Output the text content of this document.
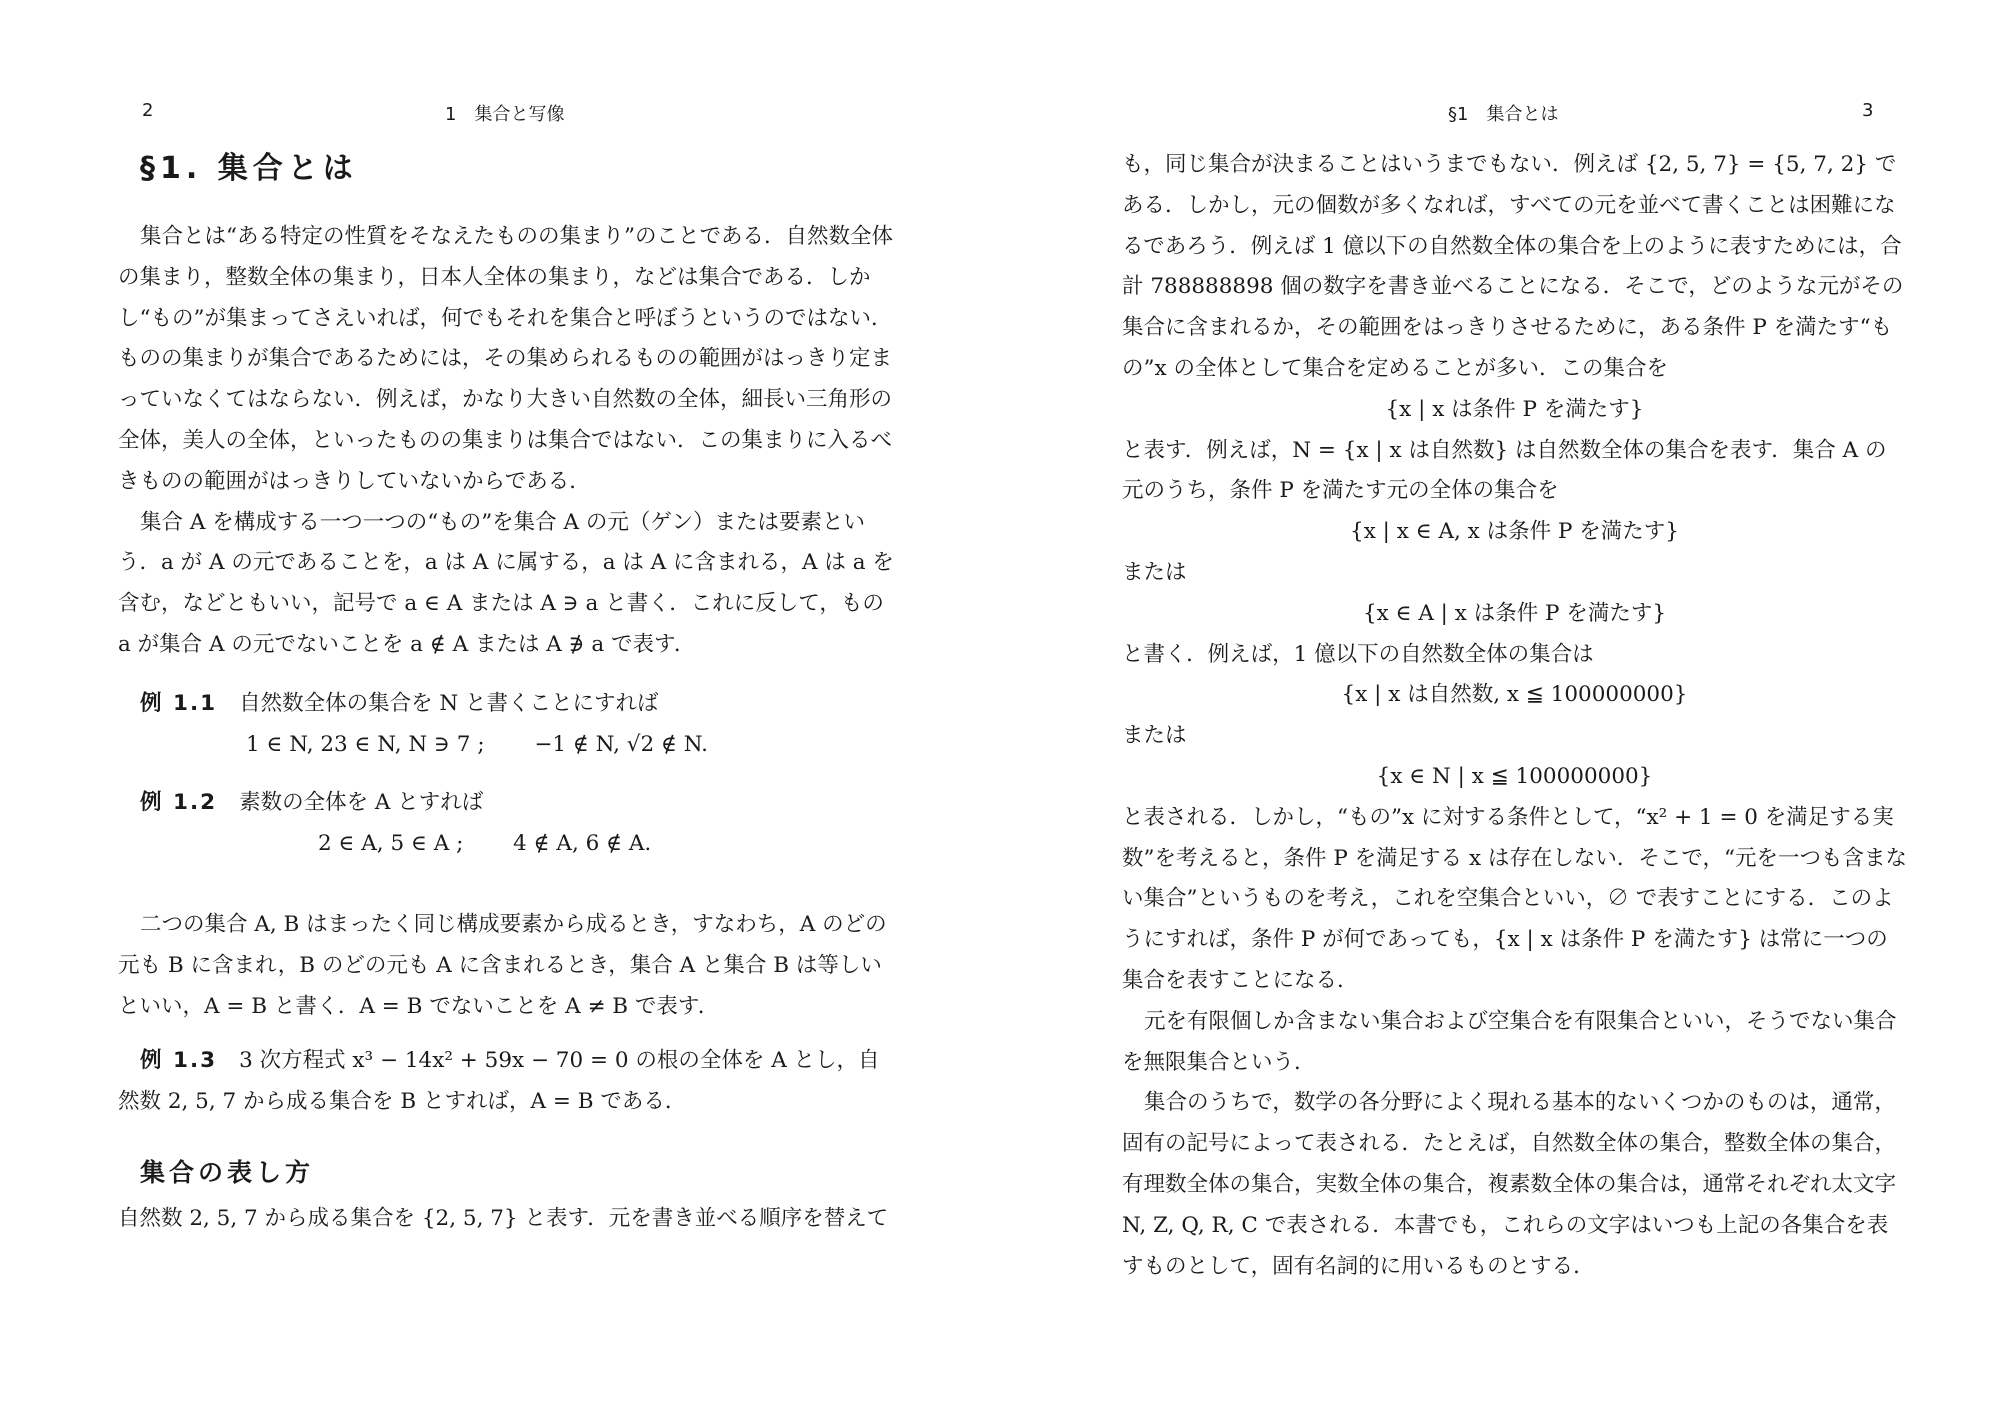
2	1　集合と写像
§1. 集合とは

集合とは“ある特定の性質をそなえたものの集まり”のことである．自然数全体の集まり，整数全体の集まり，日本人全体の集まり，などは集合である．しかし“もの”が集まってさえいれば，何でもそれを集合と呼ぼうというのではない．ものの集まりが集合であるためには，その集められるものの範囲がはっきり定まっていなくてはならない．例えば，かなり大きい自然数の全体，細長い三角形の全体，美人の全体，といったものの集まりは集合ではない．この集まりに入るべきものの範囲がはっきりしていないからである．

集合 A を構成する一つ一つの“もの”を集合 A の元（ゲン）または要素という．a が A の元であることを，a は A に属する，a は A に含まれる，A は a を含む，などともいい，記号で a ∈ A または A ∋ a と書く．これに反して，もの a が集合 A の元でないことを a ∉ A または A ∌ a で表す．

例 1.1 自然数全体の集合を N と書くことにすれば
1 ∈ N, 23 ∈ N, N ∋ 7 ;　　 −1 ∉ N, √2 ∉ N.
例 1.2 素数の全体を A とすれば
2 ∈ A, 5 ∈ A ;　　 4 ∉ A, 6 ∉ A.

二つの集合 A, B はまったく同じ構成要素から成るとき，すなわち，A のどの元も B に含まれ，B のどの元も A に含まれるとき，集合 A と集合 B は等しいといい，A = B と書く．A = B でないことを A ≠ B で表す．

例 1.3 3 次方程式 x³ − 14x² + 59x − 70 = 0 の根の全体を A とし，自然数 2, 5, 7 から成る集合を B とすれば，A = B である．
集合の表し方

自然数 2, 5, 7 から成る集合を {2, 5, 7} と表す．元を書き並べる順序を替えて

§1　集合とは	3

も，同じ集合が決まることはいうまでもない．例えば {2, 5, 7} = {5, 7, 2} である．しかし，元の個数が多くなれば，すべての元を並べて書くことは困難になるであろう．例えば 1 億以下の自然数全体の集合を上のように表すためには，合計 788888898 個の数字を書き並べることになる．そこで，どのような元がその集合に含まれるか，その範囲をはっきりさせるために，ある条件 P を満たす“もの”x の全体として集合を定めることが多い．この集合を

{x | x は条件 P を満たす}

と表す．例えば，N = {x | x は自然数} は自然数全体の集合を表す．集合 A の元のうち，条件 P を満たす元の全体の集合を

{x | x ∈ A, x は条件 P を満たす}

または

{x ∈ A | x は条件 P を満たす}

と書く．例えば，1 億以下の自然数全体の集合は

{x | x は自然数, x ≦ 100000000}

または

{x ∈ N | x ≦ 100000000}

と表される．しかし，“もの”x に対する条件として，“x² + 1 = 0 を満足する実数”を考えると，条件 P を満足する x は存在しない．そこで，“元を一つも含まない集合”というものを考え，これを空集合といい，∅ で表すことにする．このようにすれば，条件 P が何であっても，{x | x は条件 P を満たす} は常に一つの集合を表すことになる．

元を有限個しか含まない集合および空集合を有限集合といい，そうでない集合を無限集合という．

集合のうちで，数学の各分野によく現れる基本的ないくつかのものは，通常，固有の記号によって表される．たとえば，自然数全体の集合，整数全体の集合，有理数全体の集合，実数全体の集合，複素数全体の集合は，通常それぞれ太文字 N, Z, Q, R, C で表される．本書でも，これらの文字はいつも上記の各集合を表すものとして，固有名詞的に用いるものとする．
